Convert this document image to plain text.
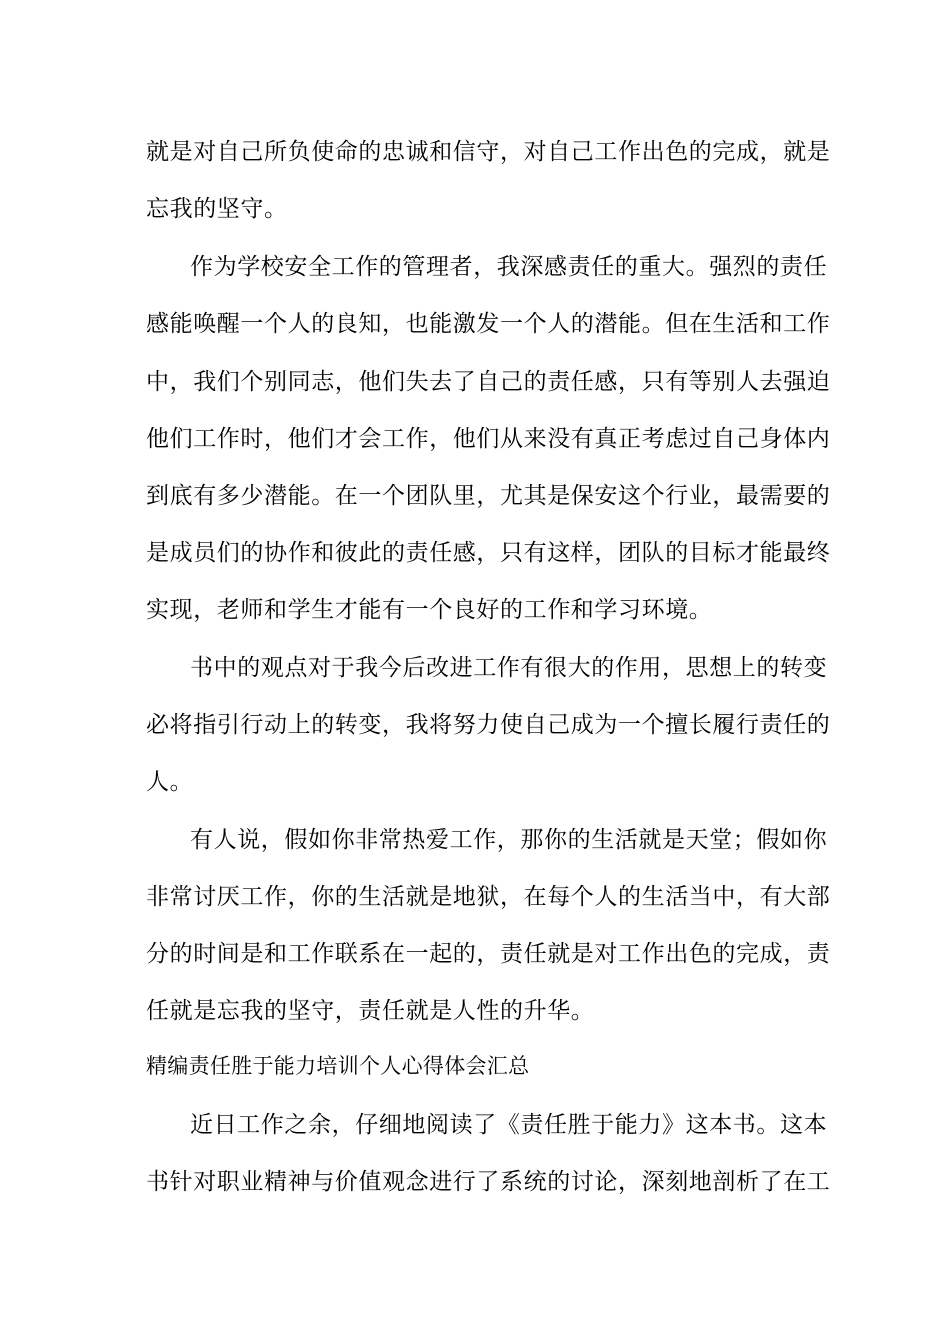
就是对自己所负使命的忠诚和信守，对自己工作出色的完成，就是
忘我的坚守。
作为学校安全工作的管理者，我深感责任的重大。强烈的责任
感能唤醒一个人的良知，也能激发一个人的潜能。但在生活和工作
中，我们个别同志，他们失去了自己的责任感，只有等别人去强迫
他们工作时，他们才会工作，他们从来没有真正考虑过自己身体内
到底有多少潜能。在一个团队里，尤其是保安这个行业，最需要的
是成员们的协作和彼此的责任感，只有这样，团队的目标才能最终
实现，老师和学生才能有一个良好的工作和学习环境。
书中的观点对于我今后改进工作有很大的作用，思想上的转变
必将指引行动上的转变，我将努力使自己成为一个擅长履行责任的
人。
有人说，假如你非常热爱工作，那你的生活就是天堂；假如你
非常讨厌工作，你的生活就是地狱，在每个人的生活当中，有大部
分的时间是和工作联系在一起的，责任就是对工作出色的完成，责
任就是忘我的坚守，责任就是人性的升华。
精编责任胜于能力培训个人心得体会汇总
近日工作之余，仔细地阅读了《责任胜于能力》这本书。这本
书针对职业精神与价值观念进行了系统的讨论，深刻地剖析了在工
